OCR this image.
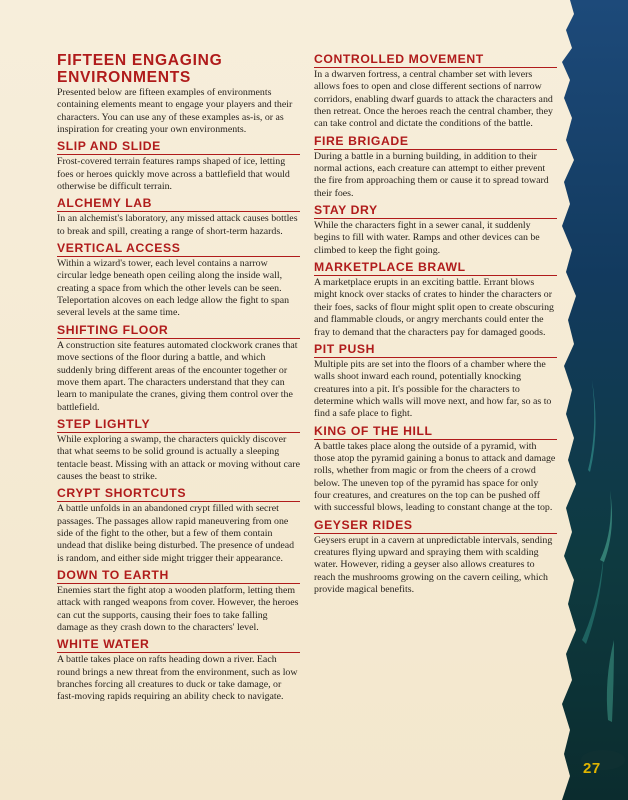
FIFTEEN ENGAGING
ENVIRONMENTS

Presented below are fifteen examples of environments containing elements meant to engage your players and their characters. You can use any of these examples as-is, or as inspiration for creating your own environments.

SLIP AND SLIDE

Frost-covered terrain features ramps shaped of ice, letting foes or heroes quickly move across a battlefield that would otherwise be difficult terrain.

ALCHEMY LAB

In an alchemist's laboratory, any missed attack causes bottles to break and spill, creating a range of short-term hazards.

VERTICAL ACCESS

Within a wizard's tower, each level contains a narrow circular ledge beneath open ceiling along the inside wall, creating a space from which the other levels can be seen. Teleportation alcoves on each ledge allow the fight to span several levels at the same time.

SHIFTING FLOOR

A construction site features automated clockwork cranes that move sections of the floor during a battle, and which suddenly bring different areas of the encounter together or move them apart. The characters understand that they can learn to manipulate the cranes, giving them control over the battlefield.

STEP LIGHTLY

While exploring a swamp, the characters quickly discover that what seems to be solid ground is actually a sleeping tentacle beast. Missing with an attack or moving without care causes the beast to strike.

CRYPT SHORTCUTS

A battle unfolds in an abandoned crypt filled with secret passages. The passages allow rapid maneuvering from one side of the fight to the other, but a few of them contain undead that dislike being disturbed. The presence of undead is random, and either side might trigger their appearance.

DOWN TO EARTH

Enemies start the fight atop a wooden platform, letting them attack with ranged weapons from cover. However, the heroes can cut the supports, causing their foes to take falling damage as they crash down to the characters' level.

WHITE WATER

A battle takes place on rafts heading down a river. Each round brings a new threat from the environment, such as low branches forcing all creatures to duck or take damage, or fast-moving rapids requiring an ability check to navigate.

CONTROLLED MOVEMENT

In a dwarven fortress, a central chamber set with levers allows foes to open and close different sections of narrow corridors, enabling dwarf guards to attack the characters and then retreat. Once the heroes reach the central chamber, they can take control and dictate the conditions of the battle.

FIRE BRIGADE

During a battle in a burning building, in addition to their normal actions, each creature can attempt to either prevent the fire from approaching them or cause it to spread toward their foes.

STAY DRY

While the characters fight in a sewer canal, it suddenly begins to fill with water. Ramps and other devices can be climbed to keep the fight going.

MARKETPLACE BRAWL

A marketplace erupts in an exciting battle. Errant blows might knock over stacks of crates to hinder the characters or their foes, sacks of flour might split open to create obscuring and flammable clouds, or angry merchants could enter the fray to demand that the characters pay for damaged goods.

PIT PUSH

Multiple pits are set into the floors of a chamber where the walls shoot inward each round, potentially knocking creatures into a pit. It's possible for the characters to determine which walls will move next, and how far, so as to find a safe place to fight.

KING OF THE HILL

A battle takes place along the outside of a pyramid, with those atop the pyramid gaining a bonus to attack and damage rolls, whether from magic or from the cheers of a crowd below. The uneven top of the pyramid has space for only four creatures, and creatures on the top can be pushed off with successful blows, leading to constant change at the top.

GEYSER RIDES

Geysers erupt in a cavern at unpredictable intervals, sending creatures flying upward and spraying them with scalding water. However, riding a geyser also allows creatures to reach the mushrooms growing on the cavern ceiling, which provide magical benefits.

27
